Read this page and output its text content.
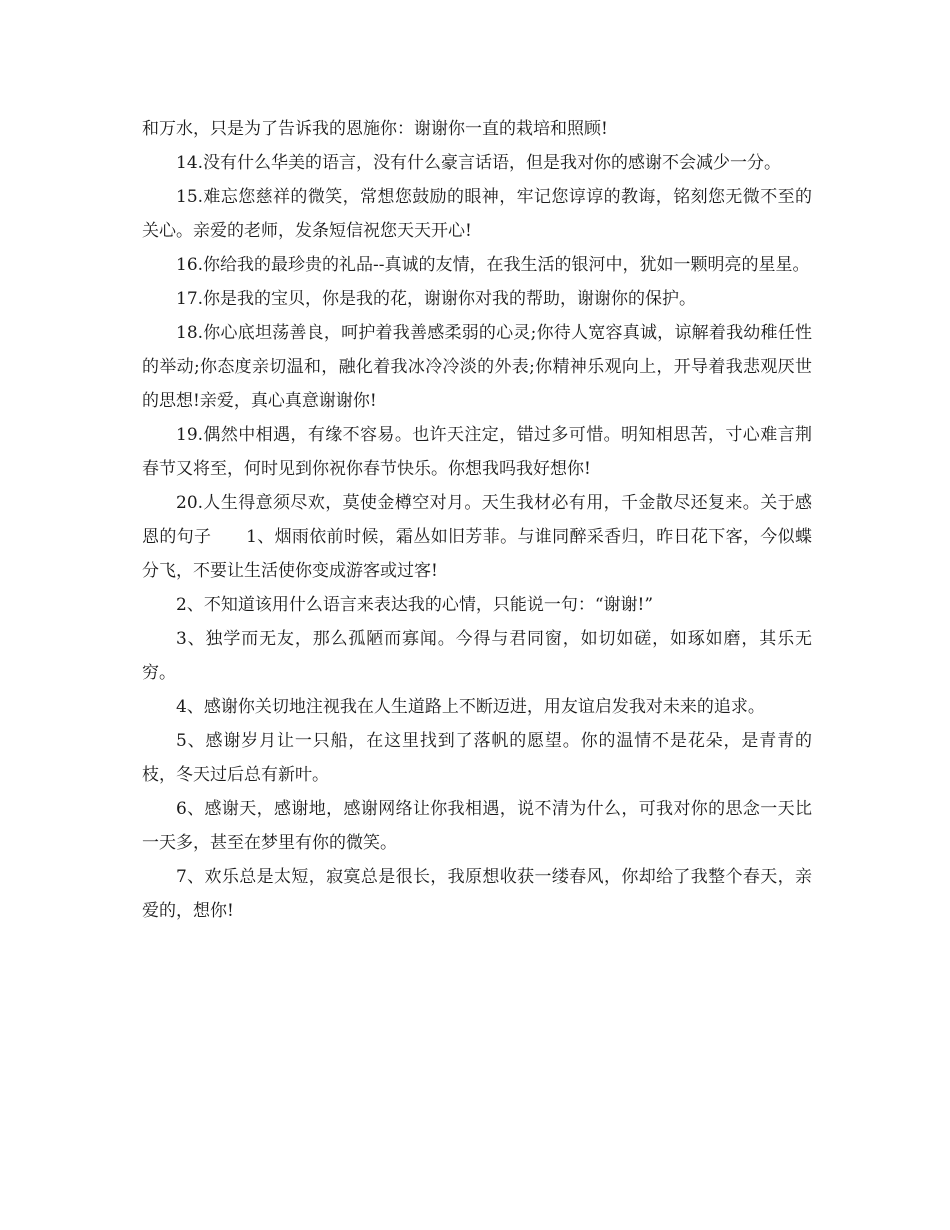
和万水，只是为了告诉我的恩施你：谢谢你一直的栽培和照顾!

14.没有什么华美的语言，没有什么豪言话语，但是我对你的感谢不会减少一分。

15.难忘您慈祥的微笑，常想您鼓励的眼神，牢记您谆谆的教诲，铭刻您无微不至的关心。亲爱的老师，发条短信祝您天天开心!

16.你给我的最珍贵的礼品--真诚的友情，在我生活的银河中，犹如一颗明亮的星星。

17.你是我的宝贝，你是我的花，谢谢你对我的帮助，谢谢你的保护。

18.你心底坦荡善良，呵护着我善感柔弱的心灵;你待人宽容真诚，谅解着我幼稚任性的举动;你态度亲切温和，融化着我冰冷冷淡的外表;你精神乐观向上，开导着我悲观厌世的思想!亲爱，真心真意谢谢你!

19.偶然中相遇，有缘不容易。也许天注定，错过多可惜。明知相思苦，寸心难言荆春节又将至，何时见到你祝你春节快乐。你想我吗我好想你!

20.人生得意须尽欢，莫使金樽空对月。天生我材必有用，千金散尽还复来。关于感恩的句子　　1、烟雨依前时候，霜丛如旧芳菲。与谁同醉采香归，昨日花下客，今似蝶分飞，不要让生活使你变成游客或过客!

2、不知道该用什么语言来表达我的心情，只能说一句：“谢谢!”

3、独学而无友，那么孤陋而寡闻。今得与君同窗，如切如磋，如琢如磨，其乐无穷。

4、感谢你关切地注视我在人生道路上不断迈进，用友谊启发我对未来的追求。

5、感谢岁月让一只船，在这里找到了落帆的愿望。你的温情不是花朵，是青青的枝，冬天过后总有新叶。

6、感谢天，感谢地，感谢网络让你我相遇，说不清为什么，可我对你的思念一天比一天多，甚至在梦里有你的微笑。

7、欢乐总是太短，寂寞总是很长，我原想收获一缕春风，你却给了我整个春天，亲爱的，想你!
